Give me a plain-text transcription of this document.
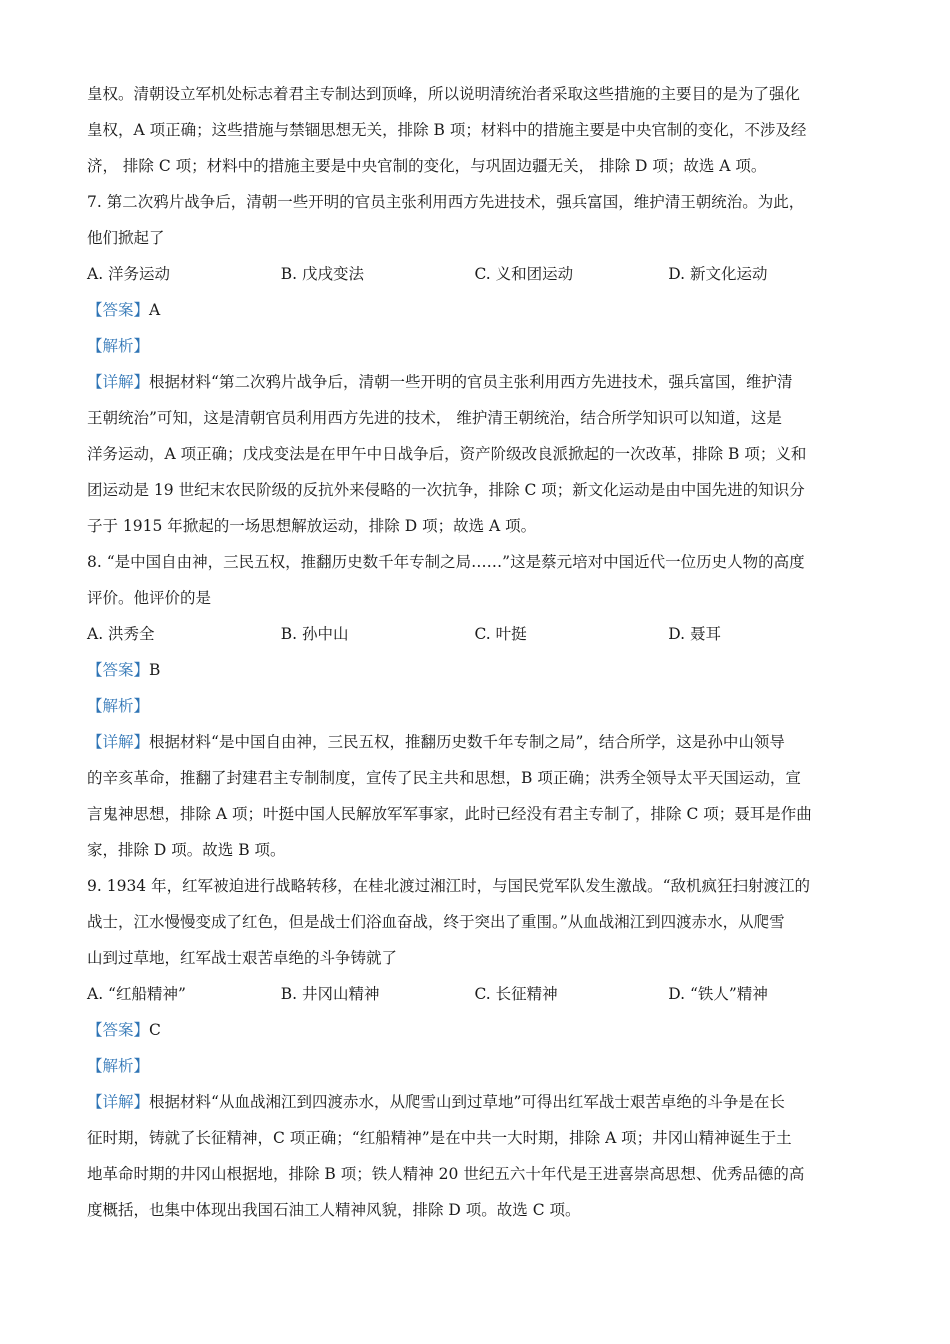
皇权。清朝设立军机处标志着君主专制达到顶峰，所以说明清统治者采取这些措施的主要目的是为了强化
皇权，A 项正确；这些措施与禁锢思想无关，排除 B 项；材料中的措施主要是中央官制的变化，不涉及经
济， 排除 C 项；材料中的措施主要是中央官制的变化，与巩固边疆无关， 排除 D 项；故选 A 项。
7. 第二次鸦片战争后，清朝一些开明的官员主张利用西方先进技术，强兵富国，维护清王朝统治。为此，
他们掀起了
A. 洋务运动	B. 戊戌变法	C. 义和团运动	D. 新文化运动
【答案】A
【解析】
【详解】根据材料“第二次鸦片战争后，清朝一些开明的官员主张利用西方先进技术，强兵富国，维护清
王朝统治”可知，这是清朝官员利用西方先进的技术， 维护清王朝统治，结合所学知识可以知道，这是
洋务运动，A 项正确；戊戌变法是在甲午中日战争后，资产阶级改良派掀起的一次改革，排除 B 项；义和
团运动是 19 世纪末农民阶级的反抗外来侵略的一次抗争，排除 C 项；新文化运动是由中国先进的知识分
子于 1915 年掀起的一场思想解放运动，排除 D 项；故选 A 项。
8. “是中国自由神，三民五权，推翻历史数千年专制之局……”这是蔡元培对中国近代一位历史人物的高度
评价。他评价的是
A. 洪秀全	B. 孙中山	C. 叶挺	D. 聂耳
【答案】B
【解析】
【详解】根据材料“是中国自由神，三民五权，推翻历史数千年专制之局”，结合所学，这是孙中山领导
的辛亥革命，推翻了封建君主专制制度，宣传了民主共和思想，B 项正确；洪秀全领导太平天国运动，宣
言鬼神思想，排除 A 项；叶挺中国人民解放军军事家，此时已经没有君主专制了，排除 C 项；聂耳是作曲
家，排除 D 项。故选 B 项。
9. 1934 年，红军被迫进行战略转移，在桂北渡过湘江时，与国民党军队发生激战。“敌机疯狂扫射渡江的
战士，江水慢慢变成了红色，但是战士们浴血奋战，终于突出了重围。”从血战湘江到四渡赤水，从爬雪
山到过草地，红军战士艰苦卓绝的斗争铸就了
A. “红船精神”	B. 井冈山精神	C. 长征精神	D. “铁人”精神
【答案】C
【解析】
【详解】根据材料“从血战湘江到四渡赤水，从爬雪山到过草地”可得出红军战士艰苦卓绝的斗争是在长
征时期，铸就了长征精神，C 项正确；“红船精神”是在中共一大时期，排除 A 项；井冈山精神诞生于土
地革命时期的井冈山根据地，排除 B 项；铁人精神 20 世纪五六十年代是王进喜崇高思想、优秀品德的高
度概括，也集中体现出我国石油工人精神风貌，排除 D 项。故选 C 项。
